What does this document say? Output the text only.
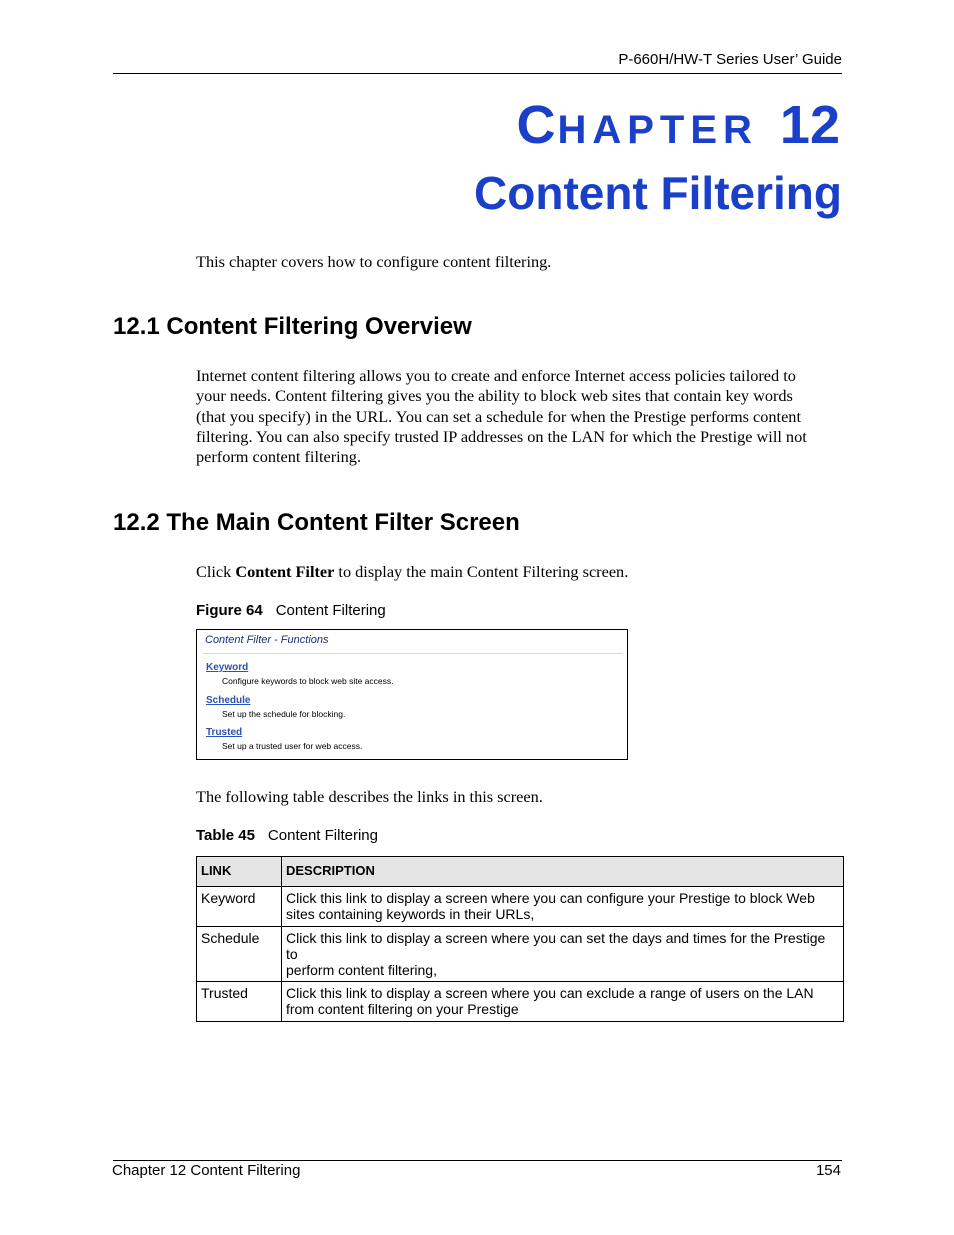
P-660H/HW-T Series User’ Guide
CHAPTER 12
Content Filtering
This chapter covers how to configure content filtering.
12.1 Content Filtering Overview
Internet content filtering allows you to create and enforce Internet access policies tailored to
your needs. Content filtering gives you the ability to block web sites that contain key words
(that you specify) in the URL. You can set a schedule for when the Prestige performs content
filtering. You can also specify trusted IP addresses on the LAN for which the Prestige will not
perform content filtering.
12.2 The Main Content Filter Screen
Click Content Filter to display the main Content Filtering screen.
Figure 64 Content Filtering
Content Filter - Functions
Keyword
Configure keywords to block web site access.
Schedule
Set up the schedule for blocking.
Trusted
Set up a trusted user for web access.
The following table describes the links in this screen.
Table 45 Content Filtering
LINK	DESCRIPTION
Keyword	Click this link to display a screen where you can configure your Prestige to block Web
sites containing keywords in their URLs,

Schedule	Click this link to display a screen where you can set the days and times for the Prestige to
perform content filtering,

Trusted	Click this link to display a screen where you can exclude a range of users on the LAN
from content filtering on your Prestige
Chapter 12 Content Filtering	154
